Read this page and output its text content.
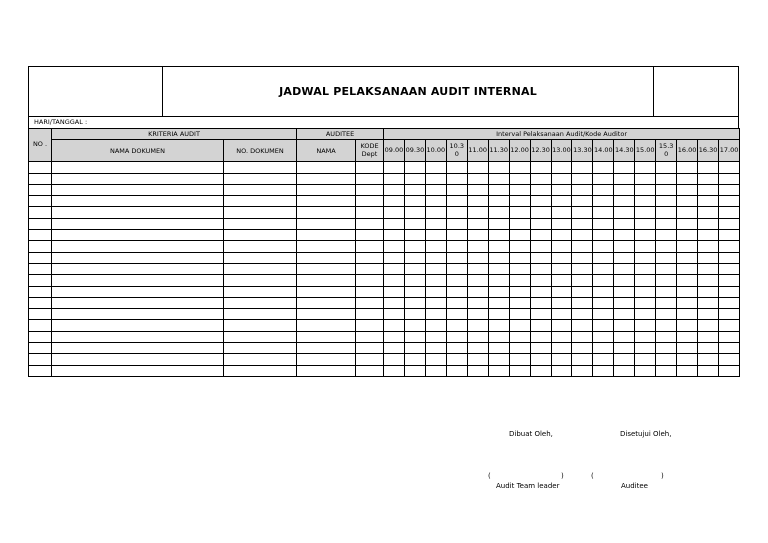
JADWAL PELAKSANAAN AUDIT INTERNAL
HARI/TANGGAL :
NO .	KRITERIA AUDIT		AUDITEE		Interval Pelaksanaan Audit/Kode Auditor																
	NAMA DOKUMEN	NO. DOKUMEN	NAMA	KODE Dept	09.00	09.30	10.00	10.3 0	11.00	11.30	12.00	12.30	13.00	13.30	14.00	14.30	15.00	15.3 0	16.00	16.30	17.00

Dibuat Oleh,	Disetujui Oleh,
(	)	(	)
Audit Team leader	Auditee
